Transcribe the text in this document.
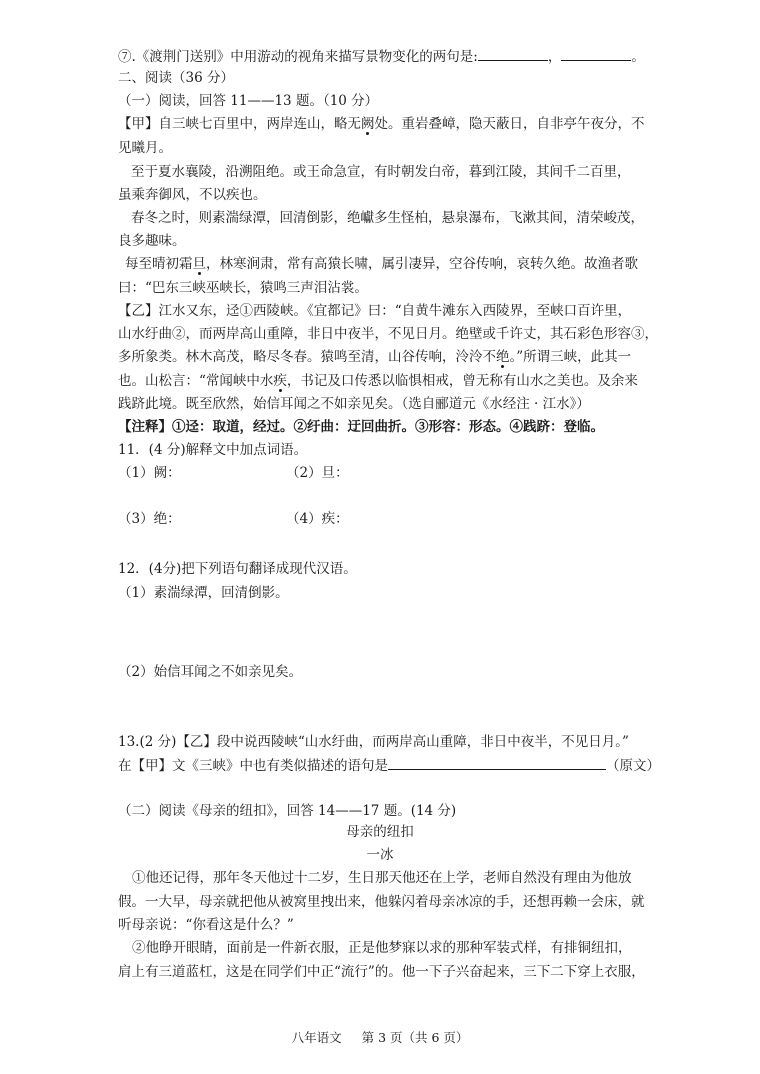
⑦.《渡荆门送别》中用游动的视角来描写景物变化的两句是:	，	。
二、阅读（36 分）
（一）阅读，回答 11——13 题。（10 分）
【甲】自三峡七百里中，两岸连山，略无阙处。重岩叠嶂，隐天蔽日，自非亭午夜分，不
见曦月。
至于夏水襄陵，沿溯阻绝。或王命急宣，有时朝发白帝，暮到江陵，其间千二百里，
虽乘奔御风，不以疾也。
春冬之时，则素湍绿潭，回清倒影，绝巘多生怪柏，悬泉瀑布，飞漱其间，清荣峻茂，
良多趣味。
每至晴初霜旦，林寒涧肃，常有高猿长啸，属引凄异，空谷传响，哀转久绝。故渔者歌
曰：“巴东三峡巫峡长，猿鸣三声泪沾裳。
【乙】江水又东，迳①西陵峡。《宜都记》曰：“自黄牛滩东入西陵界，至峡口百许里，
山水纡曲②，而两岸高山重障，非日中夜半，不见日月。绝壁或千许丈，其石彩色形容③，
多所象类。林木高茂，略尽冬春。猿鸣至清，山谷传响，泠泠不绝。”所谓三峡，此其一
也。山松言：“常闻峡中水疾，书记及口传悉以临惧相戒，曾无称有山水之美也。及余来
践跻此境。既至欣然，始信耳闻之不如亲见矣。（选自郦道元《水经注 · 江水》）
【注释】①迳：取道，经过。②纡曲：迂回曲折。③形容：形态。④践跻：登临。
11．(4 分)解释文中加点词语。
（1）阙：	（2）旦：
（3）绝：	（4）疾：
12．(4分)把下列语句翻译成现代汉语。
（1）素湍绿潭，回清倒影。
（2）始信耳闻之不如亲见矣。
13.(2 分)【乙】段中说西陵峡“山水纡曲，而两岸高山重障，非日中夜半，不见日月。”
在【甲】文《三峡》中也有类似描述的语句是	（原文）
（二）阅读《母亲的纽扣》，回答 14——17 题。(14 分)
母亲的纽扣
一冰
①他还记得，那年冬天他过十二岁，生日那天他还在上学，老师自然没有理由为他放
假。一大早，母亲就把他从被窝里拽出来，他躲闪着母亲冰凉的手，还想再赖一会床，就
听母亲说：“你看这是什么？”
②他睁开眼睛，面前是一件新衣服，正是他梦寐以求的那种军装式样，有排铜纽扣，
肩上有三道蓝杠，这是在同学们中正“流行”的。他一下子兴奋起来，三下二下穿上衣服，
八年语文 第 3 页（共 6 页）
